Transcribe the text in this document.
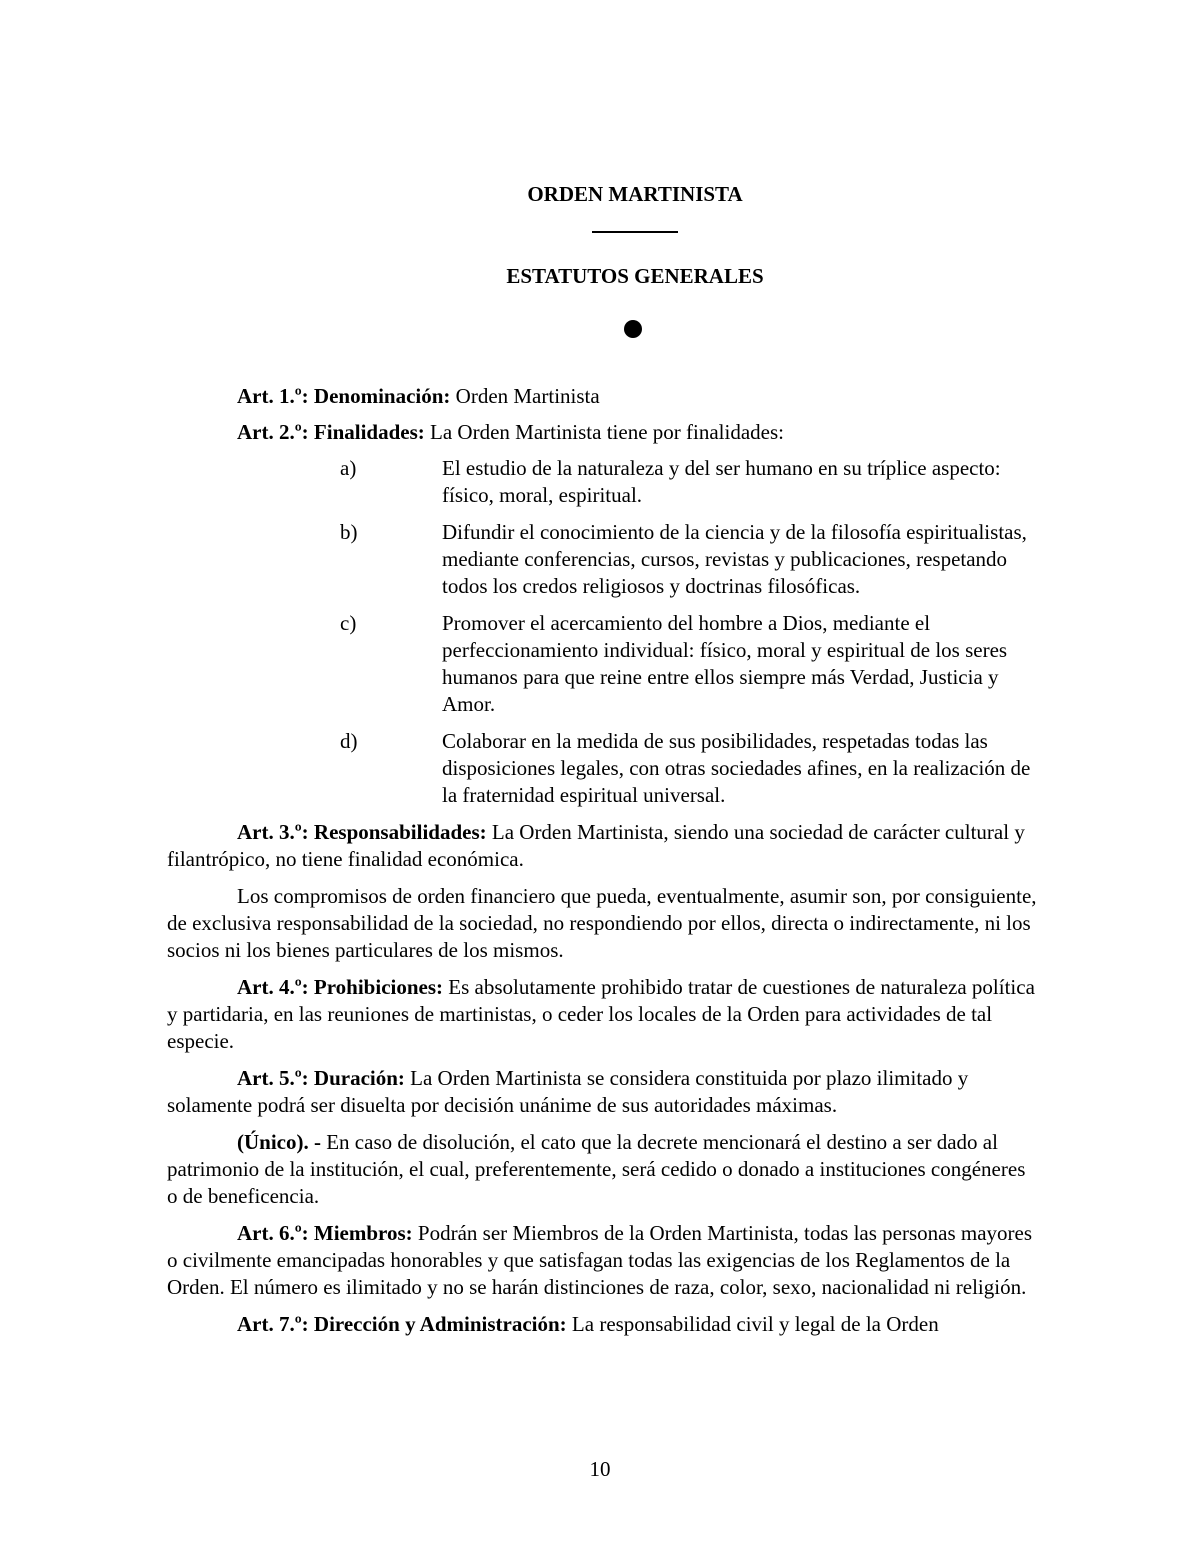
ORDEN MARTINISTA
ESTATUTOS GENERALES

Art. 1.º: Denominación: Orden Martinista

Art. 2.º: Finalidades: La Orden Martinista tiene por finalidades:

a)	El estudio de la naturaleza y del ser humano en su tríplice aspecto: físico, moral, espiritual.
b)	Difundir el conocimiento de la ciencia y de la filosofía espiritualistas, mediante conferencias, cursos, revistas y publicaciones, respetando todos los credos religiosos y doctrinas filosóficas.
c)	Promover el acercamiento del hombre a Dios, mediante el perfeccionamiento individual: físico, moral y espiritual de los seres humanos para que reine entre ellos siempre más Verdad, Justicia y Amor.
d)	Colaborar en la medida de sus posibilidades, respetadas todas las disposiciones legales, con otras sociedades afines, en la realización de la fraternidad espiritual universal.

Art. 3.º: Responsabilidades: La Orden Martinista, siendo una sociedad de carácter cultural y filantrópico, no tiene finalidad económica.

Los compromisos de orden financiero que pueda, eventualmente, asumir son, por consiguiente, de exclusiva responsabilidad de la sociedad, no respondiendo por ellos, directa o indirectamente, ni los socios ni los bienes particulares de los mismos.

Art. 4.º: Prohibiciones: Es absolutamente prohibido tratar de cuestiones de naturaleza política y partidaria, en las reuniones de martinistas, o ceder los locales de la Orden para actividades de tal especie.

Art. 5.º: Duración: La Orden Martinista se considera constituida por plazo ilimitado y solamente podrá ser disuelta por decisión unánime de sus autoridades máximas.

(Único). - En caso de disolución, el cato que la decrete mencionará el destino a ser dado al patrimonio de la institución, el cual, preferentemente, será cedido o donado a instituciones congéneres o de beneficencia.

Art. 6.º: Miembros: Podrán ser Miembros de la Orden Martinista, todas las personas mayores o civilmente emancipadas honorables y que satisfagan todas las exigencias de los Reglamentos de la Orden. El número es ilimitado y no se harán distinciones de raza, color, sexo, nacionalidad ni religión.

Art. 7.º: Dirección y Administración: La responsabilidad civil y legal de la Orden

10
